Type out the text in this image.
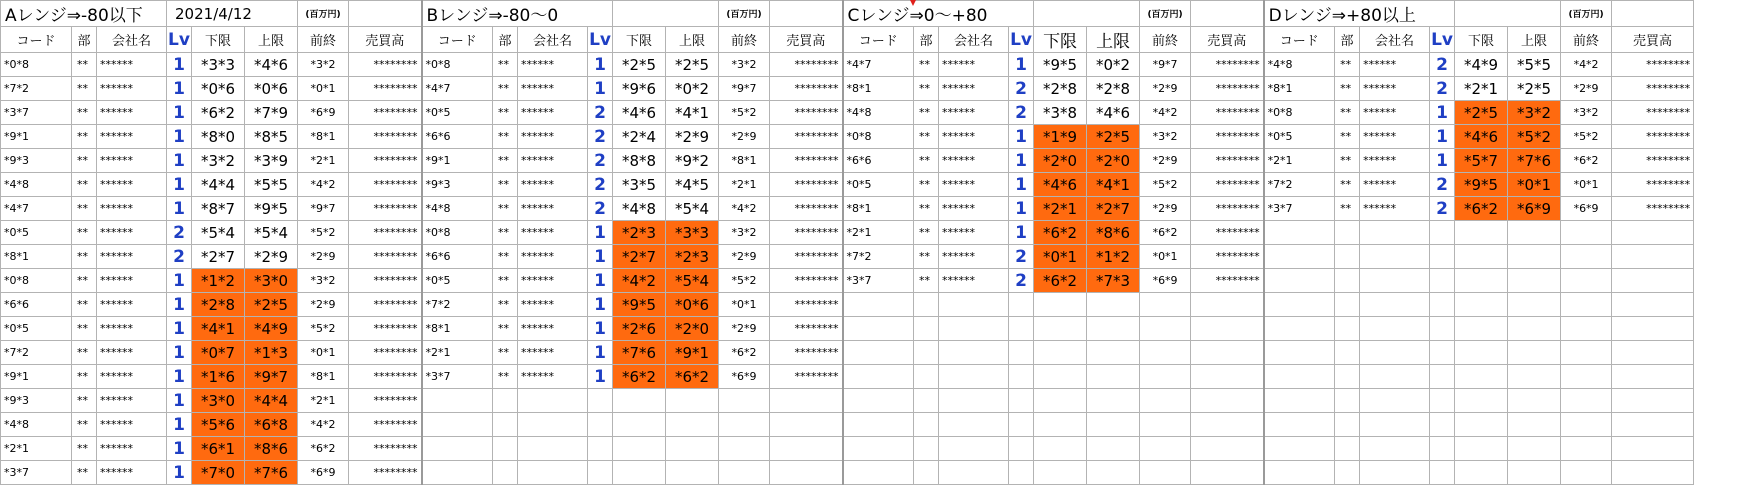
Aレンジ⇒-80以下			2021/4/12			(百万円)		Bレンジ⇒-80～0						(百万円)		Cレンジ⇒0～+80						(百万円)		Dレンジ⇒+80以上						(百万円)	
コード	部	会社名	Lv	下限	上限	前終	売買高	コード	部	会社名	Lv	下限	上限	前終	売買高	コード	部	会社名	Lv	下限	上限	前終	売買高	コード	部	会社名	Lv	下限	上限	前終	売買高
*0*8	**	******	1	*3*3	*4*6	*3*2	********	*0*8	**	******	1	*2*5	*2*5	*3*2	********	*4*7	**	******	1	*9*5	*0*2	*9*7	********	*4*8	**	******	2	*4*9	*5*5	*4*2	********
*7*2	**	******	1	*0*6	*0*6	*0*1	********	*4*7	**	******	1	*9*6	*0*2	*9*7	********	*8*1	**	******	2	*2*8	*2*8	*2*9	********	*8*1	**	******	2	*2*1	*2*5	*2*9	********
*3*7	**	******	1	*6*2	*7*9	*6*9	********	*0*5	**	******	2	*4*6	*4*1	*5*2	********	*4*8	**	******	2	*3*8	*4*6	*4*2	********	*0*8	**	******	1	*2*5	*3*2	*3*2	********
*9*1	**	******	1	*8*0	*8*5	*8*1	********	*6*6	**	******	2	*2*4	*2*9	*2*9	********	*0*8	**	******	1	*1*9	*2*5	*3*2	********	*0*5	**	******	1	*4*6	*5*2	*5*2	********
*9*3	**	******	1	*3*2	*3*9	*2*1	********	*9*1	**	******	2	*8*8	*9*2	*8*1	********	*6*6	**	******	1	*2*0	*2*0	*2*9	********	*2*1	**	******	1	*5*7	*7*6	*6*2	********
*4*8	**	******	1	*4*4	*5*5	*4*2	********	*9*3	**	******	2	*3*5	*4*5	*2*1	********	*0*5	**	******	1	*4*6	*4*1	*5*2	********	*7*2	**	******	2	*9*5	*0*1	*0*1	********
*4*7	**	******	1	*8*7	*9*5	*9*7	********	*4*8	**	******	2	*4*8	*5*4	*4*2	********	*8*1	**	******	1	*2*1	*2*7	*2*9	********	*3*7	**	******	2	*6*2	*6*9	*6*9	********
*0*5	**	******	2	*5*4	*5*4	*5*2	********	*0*8	**	******	1	*2*3	*3*3	*3*2	********	*2*1	**	******	1	*6*2	*8*6	*6*2	********								
*8*1	**	******	2	*2*7	*2*9	*2*9	********	*6*6	**	******	1	*2*7	*2*3	*2*9	********	*7*2	**	******	2	*0*1	*1*2	*0*1	********								
*0*8	**	******	1	*1*2	*3*0	*3*2	********	*0*5	**	******	1	*4*2	*5*4	*5*2	********	*3*7	**	******	2	*6*2	*7*3	*6*9	********								
*6*6	**	******	1	*2*8	*2*5	*2*9	********	*7*2	**	******	1	*9*5	*0*6	*0*1	********																
*0*5	**	******	1	*4*1	*4*9	*5*2	********	*8*1	**	******	1	*2*6	*2*0	*2*9	********																
*7*2	**	******	1	*0*7	*1*3	*0*1	********	*2*1	**	******	1	*7*6	*9*1	*6*2	********																
*9*1	**	******	1	*1*6	*9*7	*8*1	********	*3*7	**	******	1	*6*2	*6*2	*6*9	********																
*9*3	**	******	1	*3*0	*4*4	*2*1	********																								
*4*8	**	******	1	*5*6	*6*8	*4*2	********																								
*2*1	**	******	1	*6*1	*8*6	*6*2	********																								
*3*7	**	******	1	*7*0	*7*6	*6*9	********																								
